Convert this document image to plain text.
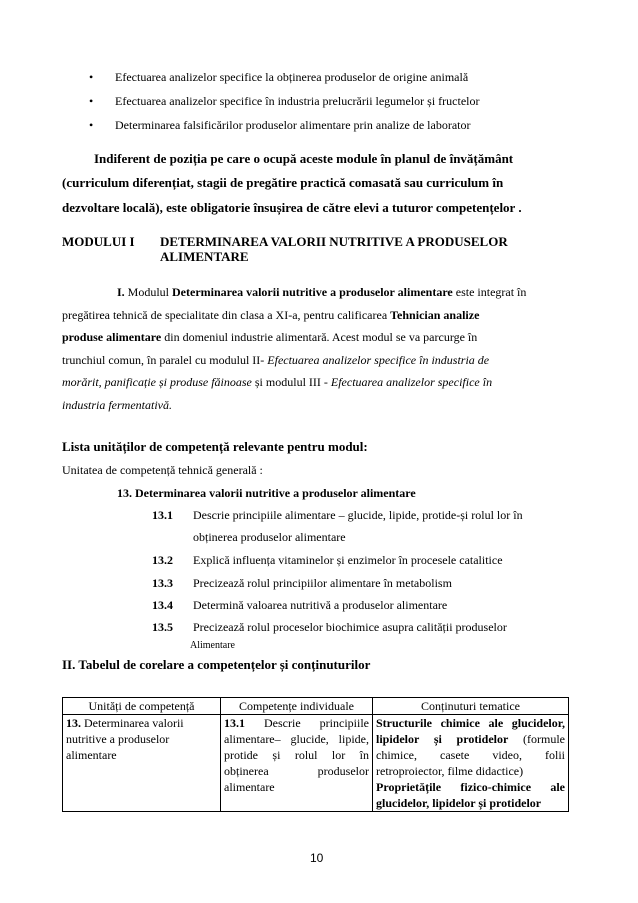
• Efectuarea analizelor specifice la obținerea produselor de origine animală
• Efectuarea analizelor specifice în industria prelucrării legumelor și fructelor
• Determinarea falsificărilor produselor alimentare prin analize de laborator
Indiferent de poziția pe care o ocupă aceste module în planul de învățământ
(curriculum diferențiat, stagii de pregătire practică comasată sau curriculum în
dezvoltare locală), este obligatorie însușirea de către elevi a tuturor competențelor .
MODULUI I DETERMINAREA VALORII NUTRITIVE A PRODUSELOR
ALIMENTARE
I. Modulul Determinarea valorii nutritive a produselor alimentare este integrat în
pregătirea tehnică de specialitate din clasa a XI-a, pentru calificarea Tehnician analize
produse alimentare din domeniul industrie alimentară. Acest modul se va parcurge în
trunchiul comun, în paralel cu modulul II- Efectuarea analizelor specifice în industria de
morărit, panificație și produse făinoase și modulul III - Efectuarea analizelor specifice în
industria fermentativă.
Lista unităților de competență relevante pentru modul:
Unitatea de competență tehnică generală :
13. Determinarea valorii nutritive a produselor alimentare
13.1 Descrie principiile alimentare – glucide, lipide, protide-și rolul lor în
obținerea produselor alimentare
13.2 Explică influența vitaminelor și enzimelor în procesele catalitice
13.3 Precizează rolul principiilor alimentare în metabolism
13.4 Determină valoarea nutritivă a produselor alimentare
13.5 Precizează rolul proceselor biochimice asupra calității produselor
Alimentare
II. Tabelul de corelare a competențelor și conținuturilor
Unități de competență	Competențe individuale	Conținuturi tematice
13. Determinarea valorii nutritive a produselor alimentare	13.1 Descrie principiile alimentare– glucide, lipide, protide și rolul lor în obținerea produselor alimentare	Structurile chimice ale glucidelor, lipidelor și protidelor (formule chimice, casete video, folii retroproiector, filme didactice)
Proprietățile fizico-chimice ale glucidelor, lipidelor și protidelor
10
